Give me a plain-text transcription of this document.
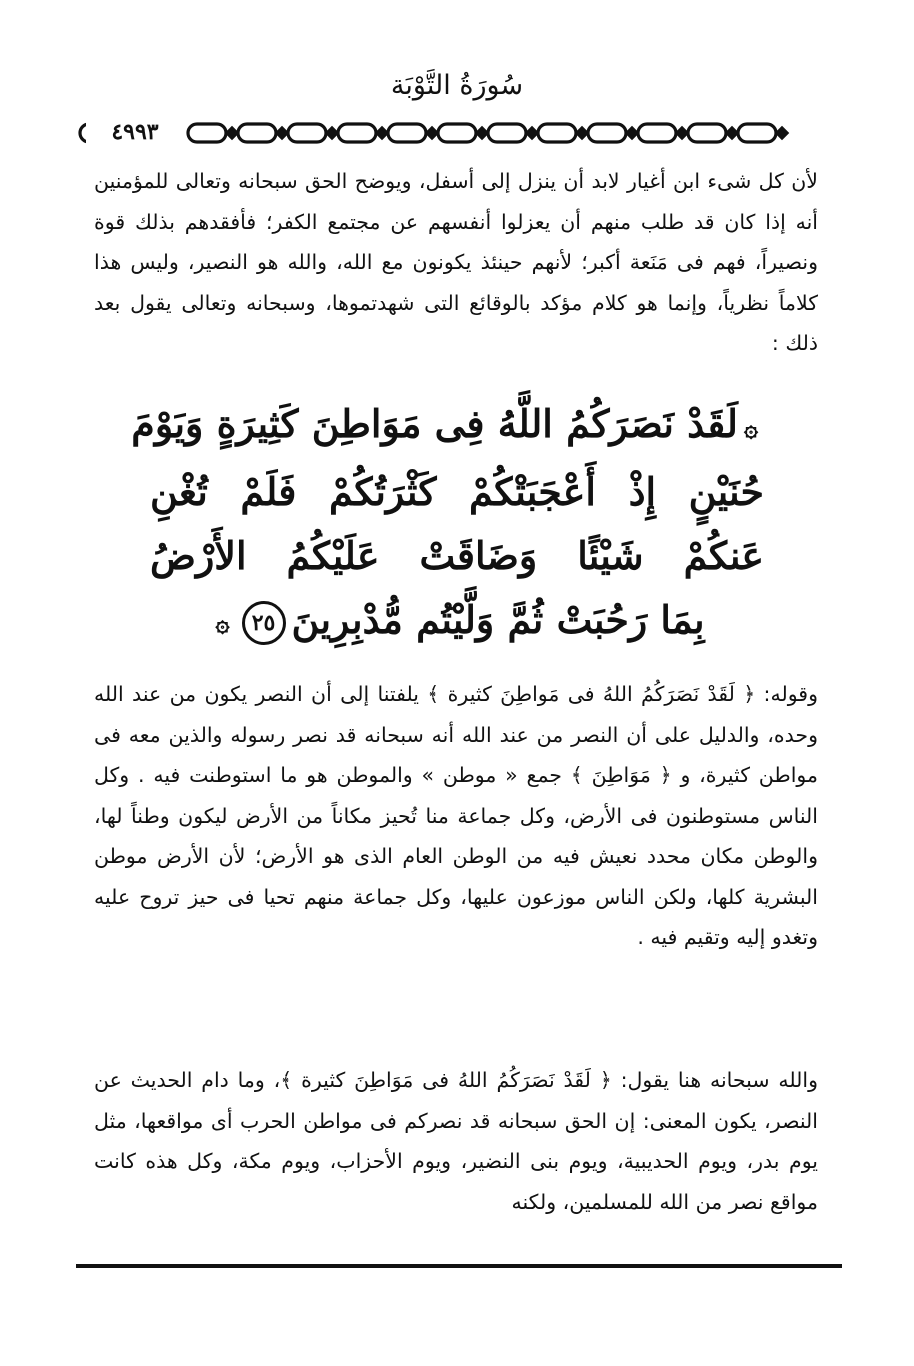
سُورَةُ التَّوْبَة
٤٩٩٣

لأن كل شىء ابن أغيار لابد أن ينزل إلى أسفل، ويوضح الحق سبحانه وتعالى للمؤمنين أنه إذا كان قد طلب منهم أن يعزلوا أنفسهم عن مجتمع الكفر؛ فأفقدهم بذلك قوة ونصيراً، فهم فى مَنَعة أكبر؛ لأنهم حينئذ يكونون مع الله، والله هو النصير، وليس هذا كلاماً نظرياً، وإنما هو كلام مؤكد بالوقائع التى شهدتموها، وسبحانه وتعالى يقول بعد ذلك :

۞لَقَدْ نَصَرَكُمُ اللَّهُ فِى مَوَاطِنَ كَثِيرَةٍ وَيَوْمَ
حُنَيْنٍ إِذْ أَعْجَبَتْكُمْ كَثْرَتُكُمْ فَلَمْ تُغْنِ
عَنكُمْ شَيْئًا وَضَاقَتْ عَلَيْكُمُ الأَرْضُ
بِمَا رَحُبَتْ ثُمَّ وَلَّيْتُم مُّدْبِرِينَ٢٥۞

وقوله: ﴿ لَقَدْ نَصَرَكُمُ اللهُ فى مَواطِنَ كثيرة ﴾ يلفتنا إلى أن النصر يكون من عند الله وحده، والدليل على أن النصر من عند الله أنه سبحانه قد نصر رسوله والذين معه فى مواطن كثيرة، و ﴿ مَوَاطِنَ ﴾ جمع « موطن » والموطن هو ما استوطنت فيه . وكل الناس مستوطنون فى الأرض، وكل جماعة منا تُحيز مكاناً من الأرض ليكون وطناً لها، والوطن مكان محدد نعيش فيه من الوطن العام الذى هو الأرض؛ لأن الأرض موطن البشرية كلها، ولكن الناس موزعون عليها، وكل جماعة منهم تحيا فى حيز تروح عليه وتغدو إليه وتقيم فيه .

والله سبحانه هنا يقول: ﴿ لَقَدْ نَصَرَكُمُ اللهُ فى مَوَاطِنَ كثيرة ﴾، وما دام الحديث عن النصر، يكون المعنى: إن الحق سبحانه قد نصركم فى مواطن الحرب أى مواقعها، مثل يوم بدر، ويوم الحديبية، ويوم بنى النضير، ويوم الأحزاب، ويوم مكة، وكل هذه كانت مواقع نصر من الله للمسلمين، ولكنه
